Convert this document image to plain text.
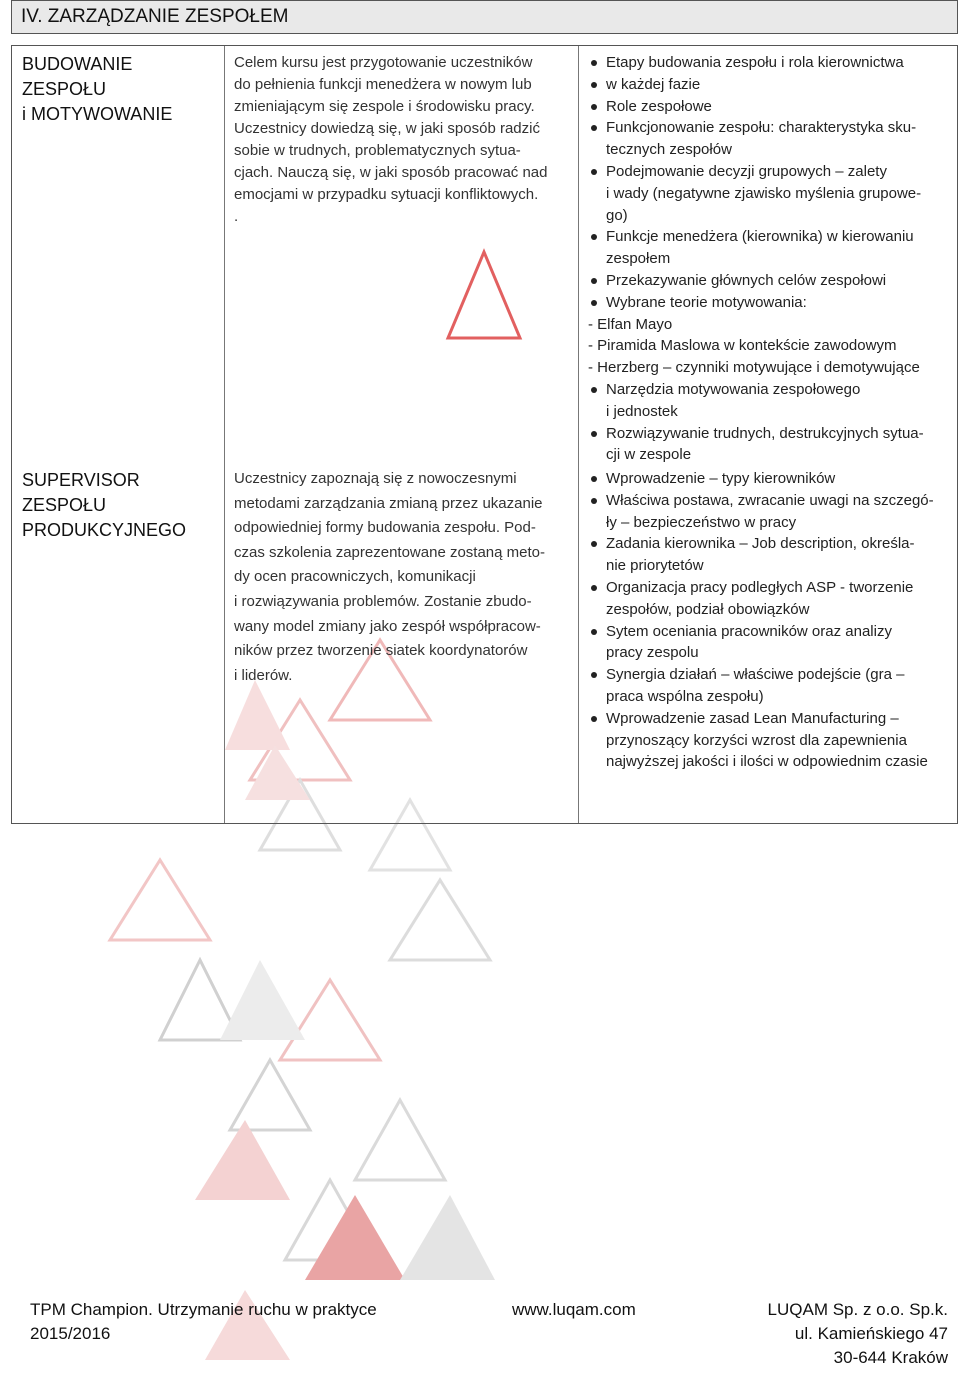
IV. ZARZĄDZANIE ZESPOŁEM
BUDOWANIE
ZESPOŁU
i MOTYWOWANIE
Celem kursu jest przygotowanie uczestników
do pełnienia funkcji menedżera w nowym lub
zmieniającym się zespole i środowisku pracy.
Uczestnicy dowiedzą się, w jaki sposób radzić
sobie w trudnych, problematycznych sytua-
cjach. Nauczą się, w jaki sposób pracować nad
emocjami w przypadku sytuacji konfliktowych.
.
Etapy budowania zespołu i rola kierownictwa
w każdej fazie
Role zespołowe
Funkcjonowanie zespołu: charakterystyka sku-
tecznych zespołów
Podejmowanie decyzji grupowych – zalety
i wady (negatywne zjawisko myślenia grupowe-
go)
Funkcje menedżera (kierownika) w kierowaniu
zespołem
Przekazywanie głównych celów zespołowi
Wybrane teorie motywowania:
- Elfan Mayo
- Piramida Maslowa w kontekście zawodowym
- Herzberg – czynniki motywujące i demotywujące
Narzędzia motywowania zespołowego
i jednostek
Rozwiązywanie trudnych, destrukcyjnych sytua-
cji w zespole
SUPERVISOR
ZESPOŁU
PRODUKCYJNEGO
Uczestnicy zapoznają się z nowoczesnymi
metodami zarządzania zmianą przez ukazanie
odpowiedniej formy budowania zespołu. Pod-
czas szkolenia zaprezentowane zostaną meto-
dy ocen pracowniczych, komunikacji
i rozwiązywania problemów. Zostanie zbudo-
wany model zmiany jako zespół współpracow-
ników przez tworzenie siatek koordynatorów
i liderów.
Wprowadzenie – typy kierowników
Właściwa postawa, zwracanie uwagi na szczegó-
ły – bezpieczeństwo w pracy
Zadania kierownika – Job description, określa-
nie priorytetów
Organizacja pracy podległych ASP - tworzenie
zespołów, podział obowiązków
Sytem oceniania pracowników oraz analizy
pracy zespolu
Synergia działań – właściwe podejście (gra –
praca wspólna zespołu)
Wprowadzenie zasad Lean Manufacturing –
przynoszący korzyści wzrost dla zapewnienia
najwyższej jakości i ilości w odpowiednim czasie
TPM Champion. Utrzymanie ruchu w praktyce
2015/2016
www.luqam.com	LUQAM Sp. z o.o. Sp.k.
ul. Kamieńskiego 47
30-644 Kraków
